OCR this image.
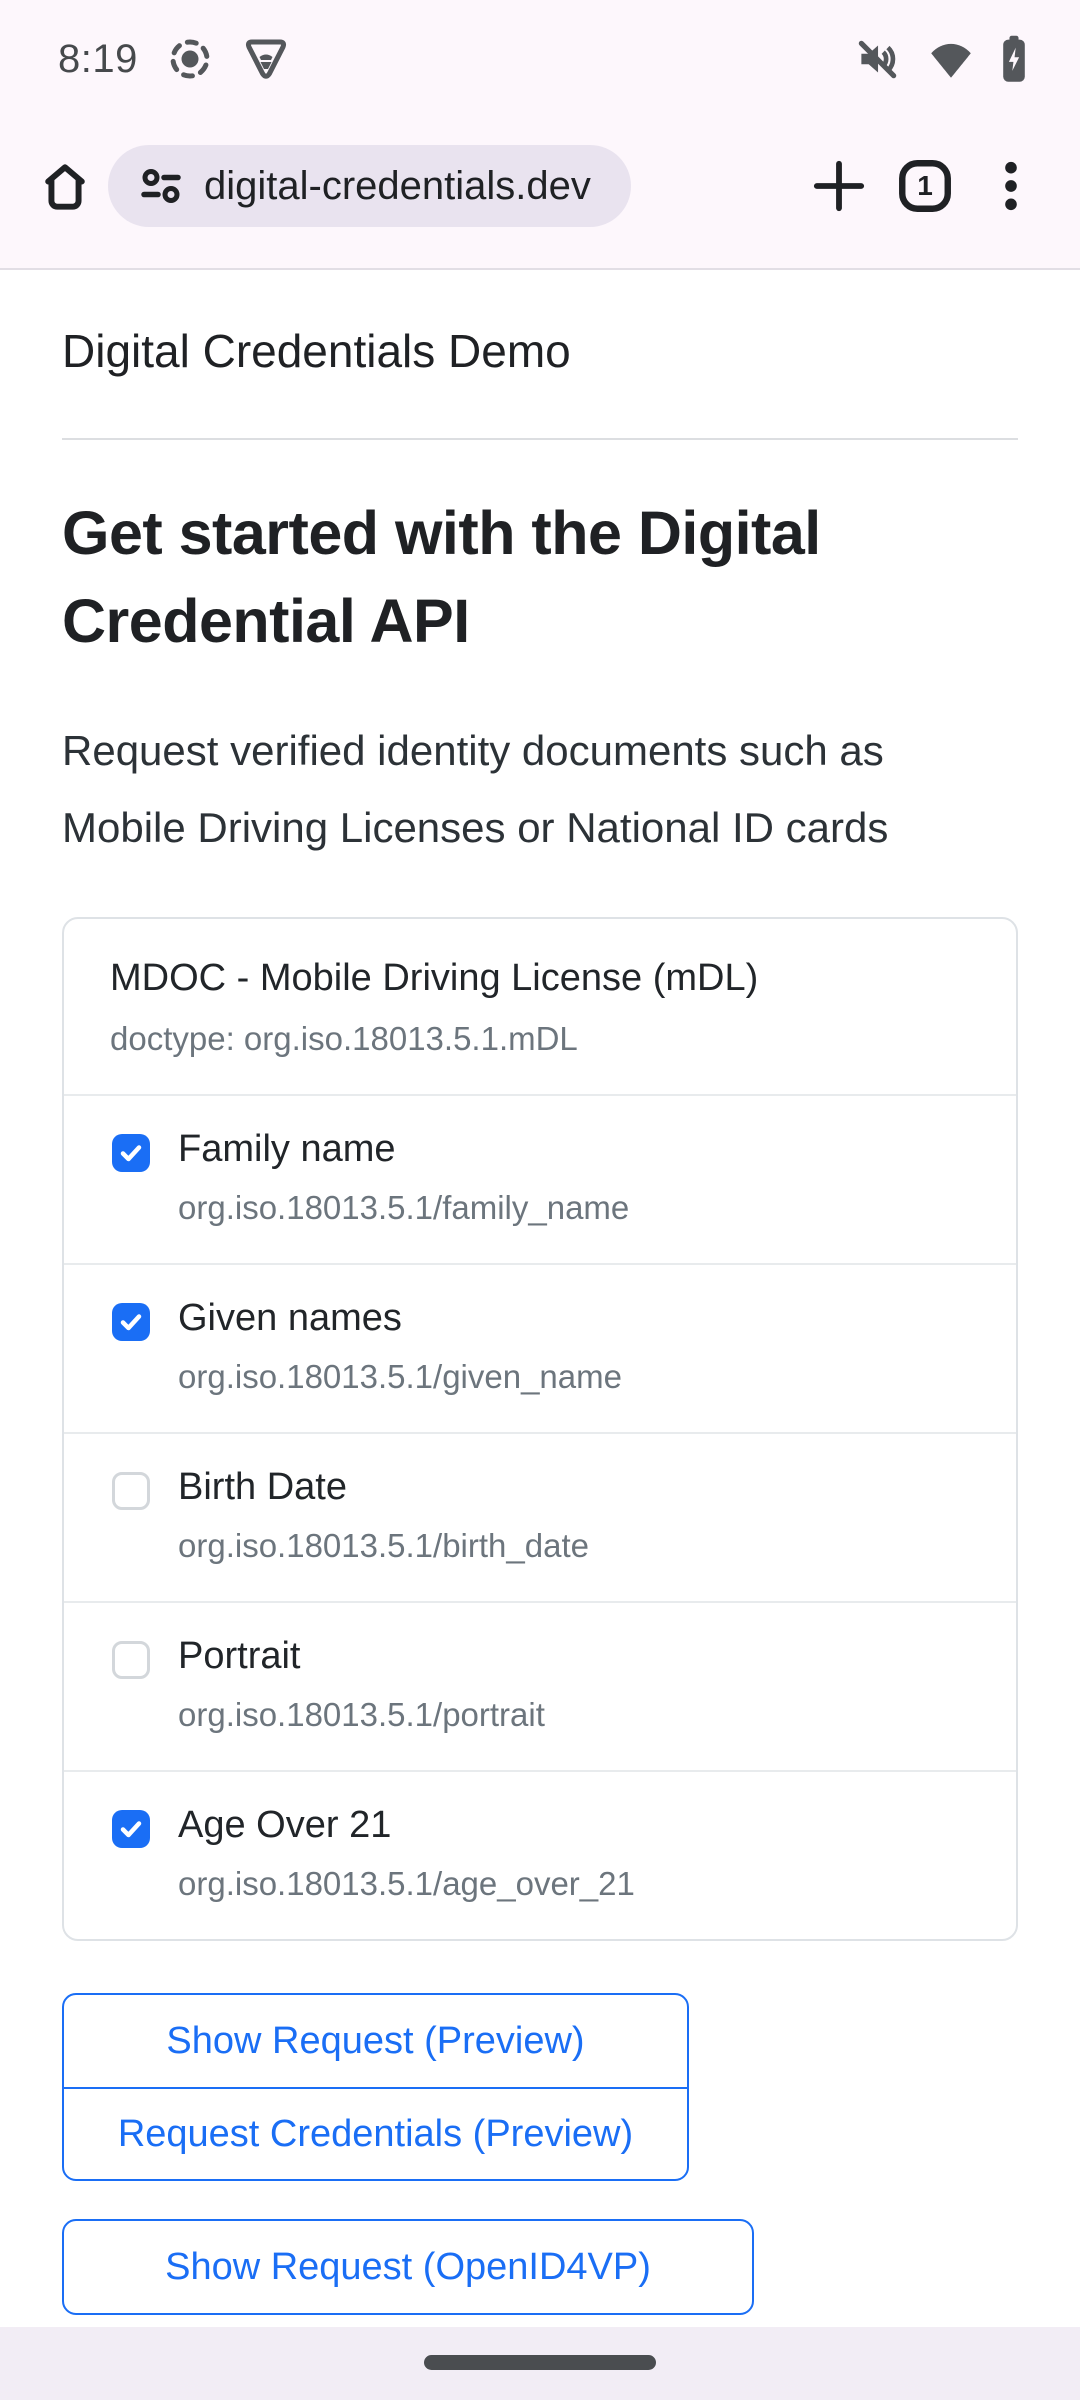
8:19
digital-credentials.dev	1
Digital Credentials Demo
Get started with the Digital Credential API
Request verified identity documents such as Mobile Driving Licenses or National ID cards
MDOC - Mobile Driving License (mDL)
doctype: org.iso.18013.5.1.mDL
Family name
org.iso.18013.5.1/family_name
Given names
org.iso.18013.5.1/given_name
Birth Date
org.iso.18013.5.1/birth_date
Portrait
org.iso.18013.5.1/portrait
Age Over 21
org.iso.18013.5.1/age_over_21
Show Request (Preview)
Request Credentials (Preview)
Show Request (OpenID4VP)
